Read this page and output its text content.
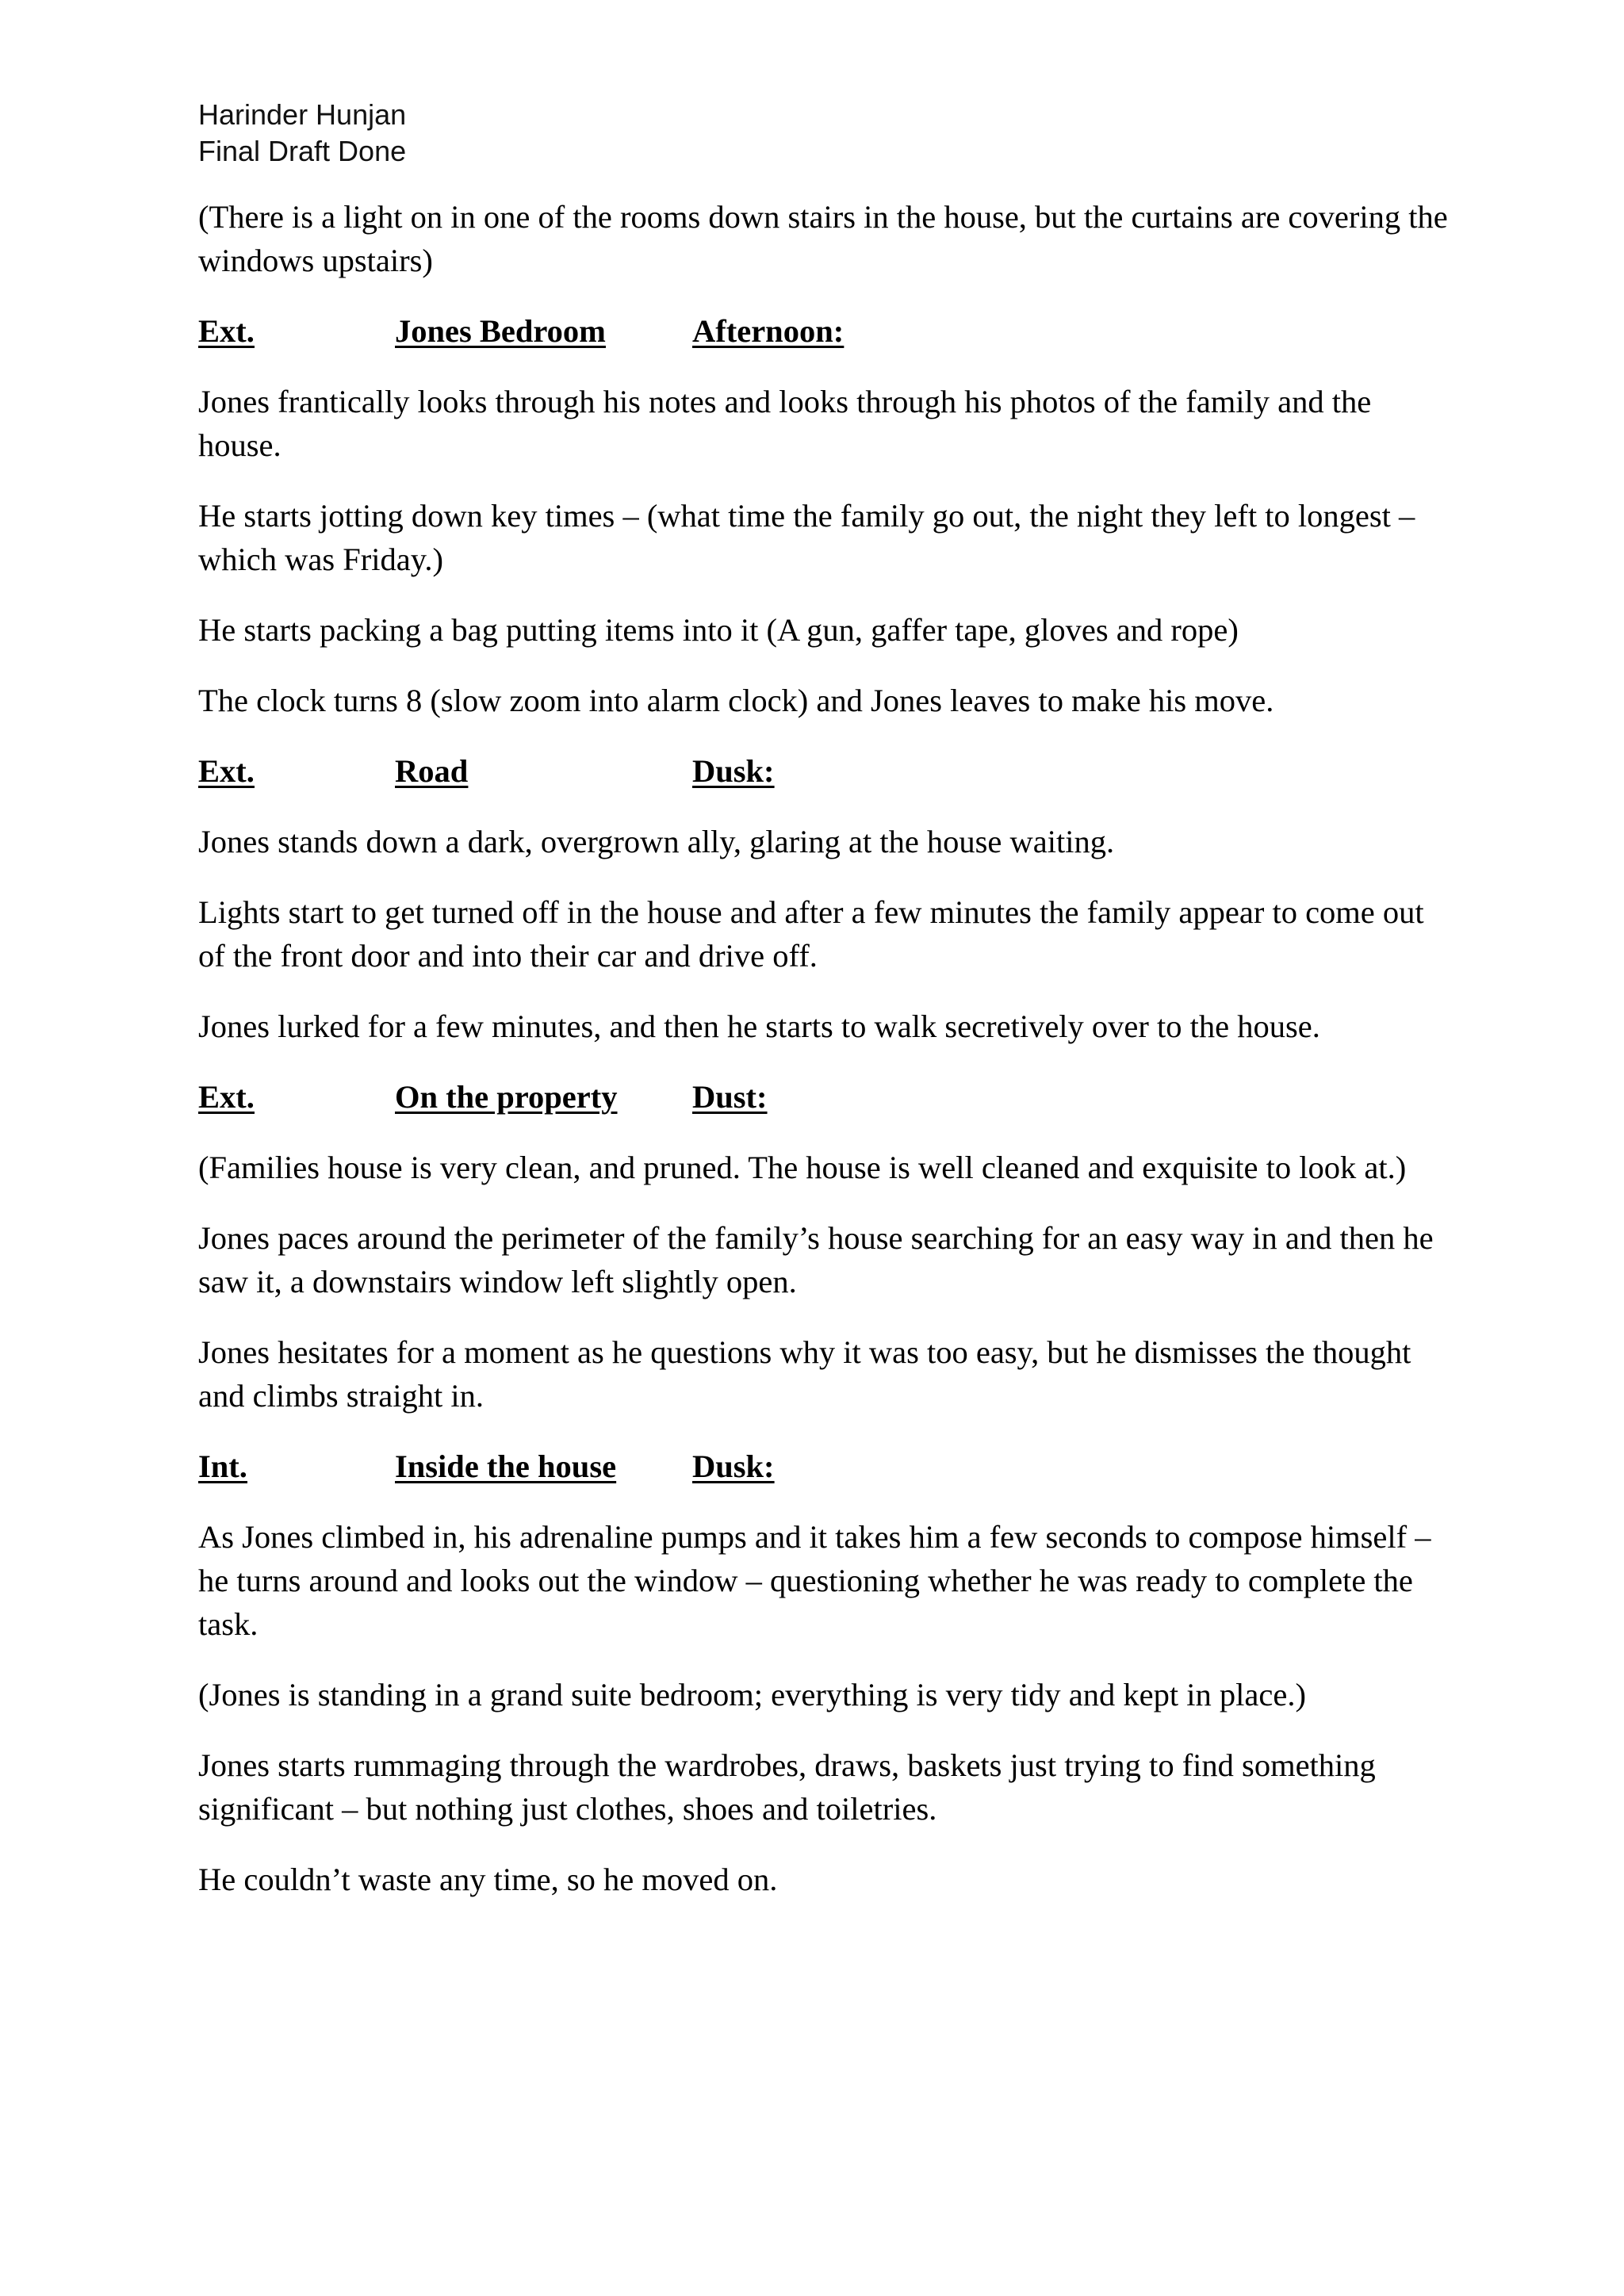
Harinder Hunjan
Final Draft Done

(There is a light on in one of the rooms down stairs in the house, but the curtains are covering the windows upstairs)

Ext.	Jones Bedroom	Afternoon:

Jones frantically looks through his notes and looks through his photos of the family and the house.

He starts jotting down key times – (what time the family go out, the night they left to longest – which was Friday.)

He starts packing a bag putting items into it (A gun, gaffer tape, gloves and rope)

The clock turns 8 (slow zoom into alarm clock) and Jones leaves to make his move.

Ext.	Road	Dusk:

Jones stands down a dark, overgrown ally, glaring at the house waiting.

Lights start to get turned off in the house and after a few minutes the family appear to come out of the front door and into their car and drive off.

Jones lurked for a few minutes, and then he starts to walk secretively over to the house.

Ext.	On the property	Dust:

(Families house is very clean, and pruned. The house is well cleaned and exquisite to look at.)

Jones paces around the perimeter of the family’s house searching for an easy way in and then he saw it, a downstairs window left slightly open.

Jones hesitates for a moment as he questions why it was too easy, but he dismisses the thought and climbs straight in.

Int.	Inside the house	Dusk:

As Jones climbed in, his adrenaline pumps and it takes him a few seconds to compose himself – he turns around and looks out the window – questioning whether he was ready to complete the task.

(Jones is standing in a grand suite bedroom; everything is very tidy and kept in place.)

Jones starts rummaging through the wardrobes, draws, baskets just trying to find something significant – but nothing just clothes, shoes and toiletries.

He couldn’t waste any time, so he moved on.
